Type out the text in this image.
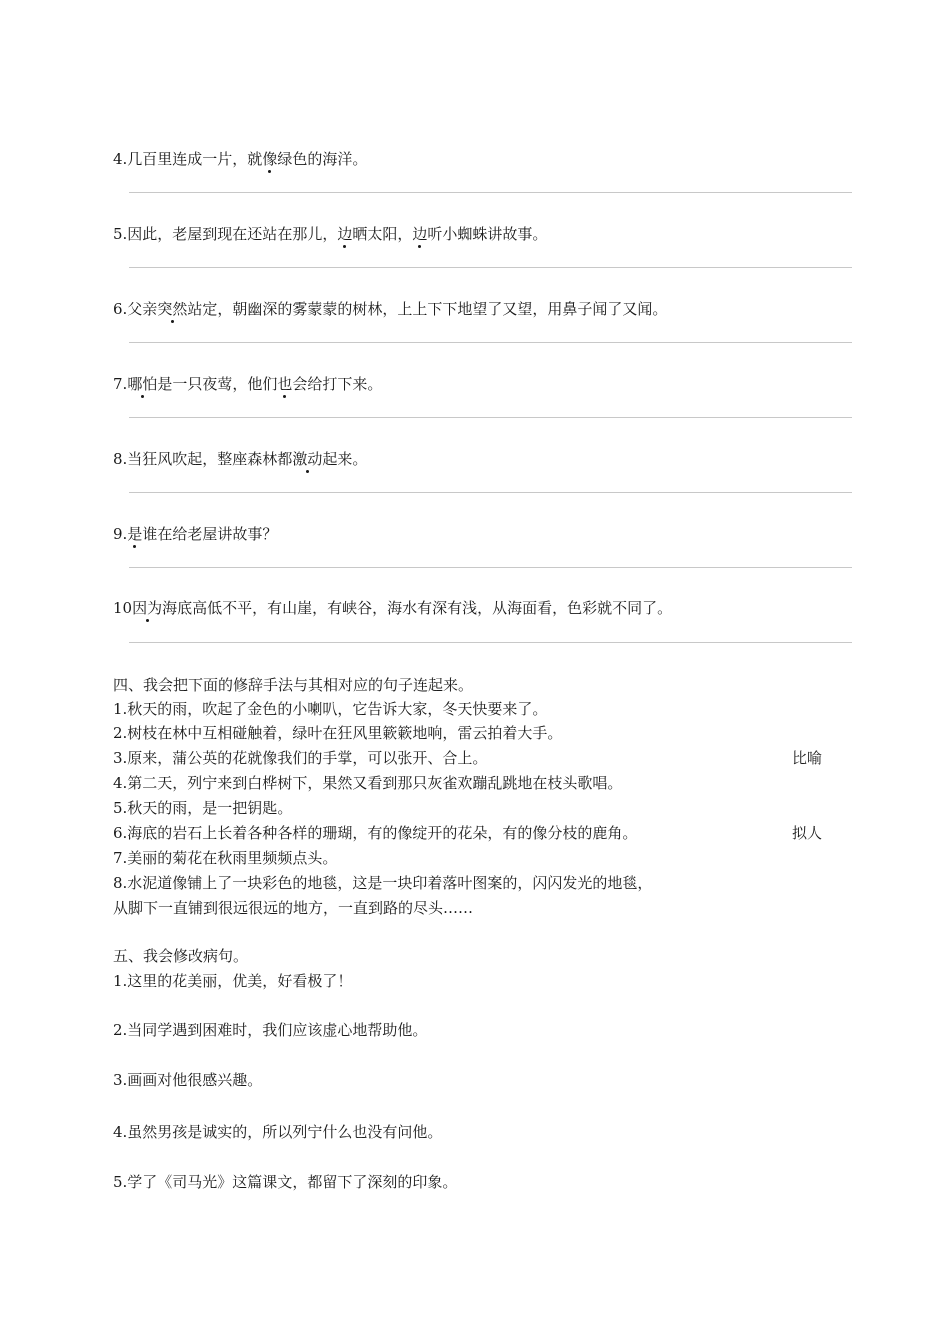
4.几百里连成一片，就像绿色的海洋。
5.因此，老屋到现在还站在那儿，边晒太阳，边听小蜘蛛讲故事。
6.父亲突然站定，朝幽深的雾蒙蒙的树林，上上下下地望了又望，用鼻子闻了又闻。
7.哪怕是一只夜莺，他们也会给打下来。
8.当狂风吹起，整座森林都激动起来。
9.是谁在给老屋讲故事？
10因为海底高低不平，有山崖，有峡谷，海水有深有浅，从海面看，色彩就不同了。
四、我会把下面的修辞手法与其相对应的句子连起来。
1.秋天的雨，吹起了金色的小喇叭，它告诉大家，冬天快要来了。
2.树枝在林中互相碰触着，绿叶在狂风里簌簌地响，雷云拍着大手。
3.原来，蒲公英的花就像我们的手掌，可以张开、合上。
4.第二天，列宁来到白桦树下，果然又看到那只灰雀欢蹦乱跳地在枝头歌唱。
5.秋天的雨，是一把钥匙。
6.海底的岩石上长着各种各样的珊瑚，有的像绽开的花朵，有的像分枝的鹿角。
7.美丽的菊花在秋雨里频频点头。
8.水泥道像铺上了一块彩色的地毯，这是一块印着落叶图案的，闪闪发光的地毯，
从脚下一直铺到很远很远的地方，一直到路的尽头……
比喻
拟人
五、我会修改病句。
1.这里的花美丽，优美，好看极了！
2.当同学遇到困难时，我们应该虚心地帮助他。
3.画画对他很感兴趣。
4.虽然男孩是诚实的，所以列宁什么也没有问他。
5.学了《司马光》这篇课文，都留下了深刻的印象。
